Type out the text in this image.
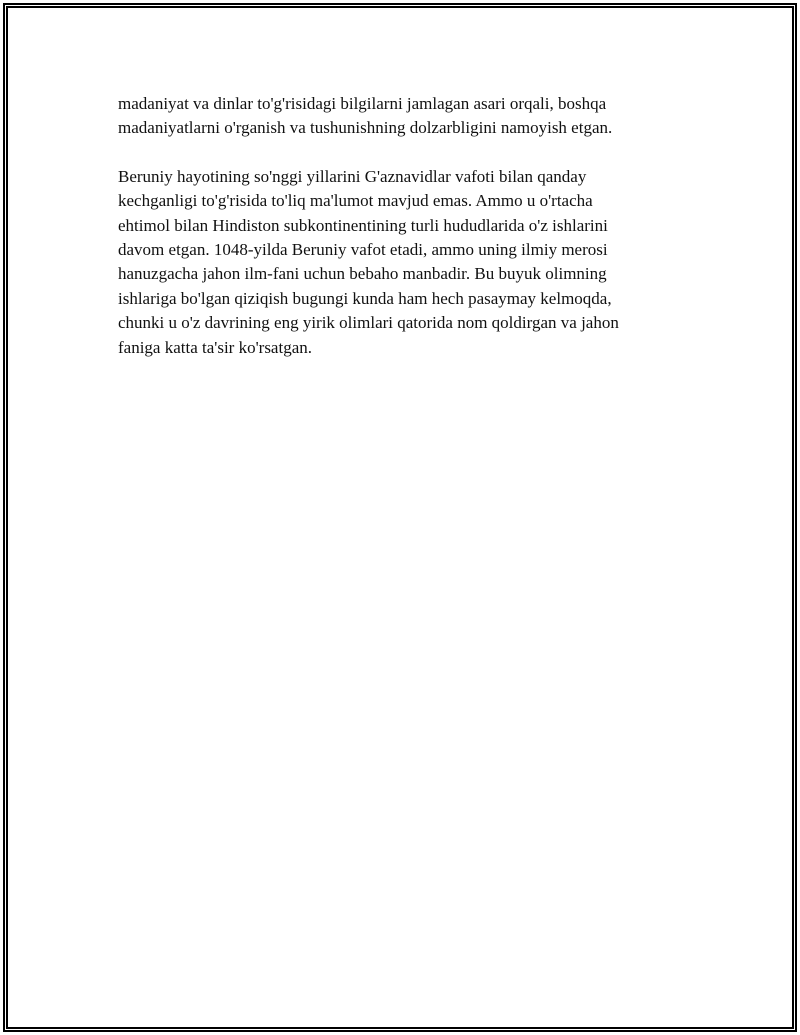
madaniyat va dinlar to'g'risidagi bilgilarni jamlagan asari orqali, boshqa
madaniyatlarni o'rganish va tushunishning dolzarbligini namoyish etgan.

Beruniy hayotining so'nggi yillarini G'aznavidlar vafoti bilan qanday
kechganligi to'g'risida to'liq ma'lumot mavjud emas. Ammo u o'rtacha
ehtimol bilan Hindiston subkontinentining turli hududlarida o'z ishlarini
davom etgan. 1048-yilda Beruniy vafot etadi, ammo uning ilmiy merosi
hanuzgacha jahon ilm-fani uchun bebaho manbadir. Bu buyuk olimning
ishlariga bo'lgan qiziqish bugungi kunda ham hech pasaymay kelmoqda,
chunki u o'z davrining eng yirik olimlari qatorida nom qoldirgan va jahon
faniga katta ta'sir ko'rsatgan.
